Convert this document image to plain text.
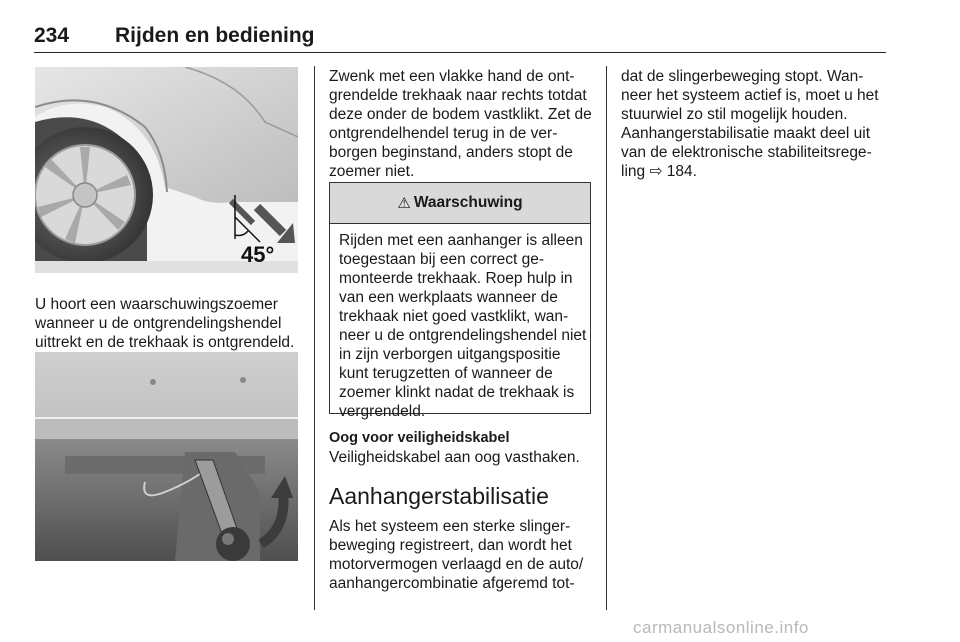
234 Rijden en bediening
45°

U hoort een waarschuwingszoemer wanneer u de ontgrendelingshendel uittrekt en de trekhaak is ontgrendeld.

Zwenk met een vlakke hand de ontgrendelde trekhaak naar rechts totdat deze onder de bodem vastklikt. Zet de ontgrendelhendel terug in de verborgen beginstand, anders stopt de zoemer niet.

⚠ Waarschuwing

Rijden met een aanhanger is alleen toegestaan bij een correct gemonteerde trekhaak. Roep hulp in van een werkplaats wanneer de trekhaak niet goed vastklikt, wanneer u de ontgrendelingshendel niet in zijn verborgen uitgangspositie kunt terugzetten of wanneer de zoemer klinkt nadat de trekhaak is vergrendeld.

Oog voor veiligheidskabel

Veiligheidskabel aan oog vasthaken.

Aanhangerstabilisatie

Als het systeem een sterke slingerbeweging registreert, dan wordt het motorvermogen verlaagd en de auto/ aanhangercombinatie afgeremd tot-

dat de slingerbeweging stopt. Wanneer het systeem actief is, moet u het stuurwiel zo stil mogelijk houden.

Aanhangerstabilisatie maakt deel uit van de elektronische stabiliteitsregeling ⇨ 184.

carmanualsonline.info
